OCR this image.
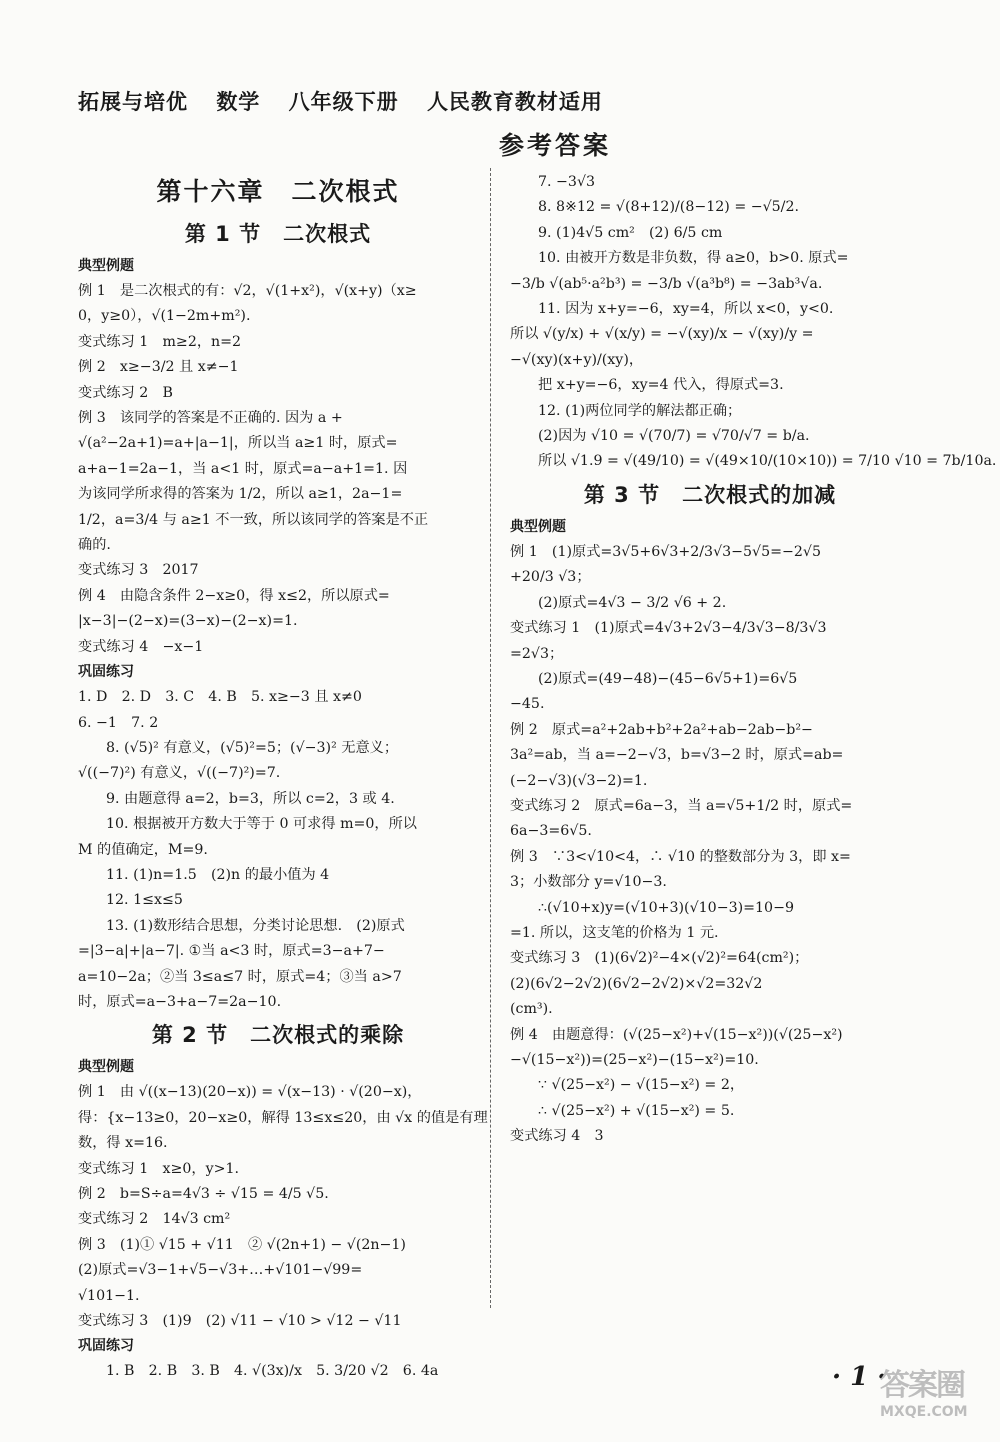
拓展与培优 数学 八年级下册 人民教育教材适用
参考答案
第十六章　二次根式
第 1 节　二次根式
典型例题
例 1　是二次根式的有：√2，√(1+x²)，√(x+y)（x≥
0，y≥0），√(1−2m+m²).
变式练习 1　m≥2，n=2
例 2　x≥−3/2 且 x≠−1
变式练习 2　B
例 3　该同学的答案是不正确的. 因为 a +
√(a²−2a+1)=a+|a−1|，所以当 a≥1 时，原式=
a+a−1=2a−1，当 a<1 时，原式=a−a+1=1. 因
为该同学所求得的答案为 1/2，所以 a≥1，2a−1=
1/2，a=3/4 与 a≥1 不一致，所以该同学的答案是不正
确的.
变式练习 3　2017
例 4　由隐含条件 2−x≥0，得 x≤2，所以原式=
|x−3|−(2−x)=(3−x)−(2−x)=1.
变式练习 4　−x−1
巩固练习
1. D　2. D　3. C　4. B　5. x≥−3 且 x≠0
6. −1　7. 2
8. (√5)² 有意义，(√5)²=5；(√−3)² 无意义；
√((−7)²) 有意义，√((−7)²)=7.
9. 由题意得 a=2，b=3，所以 c=2，3 或 4.
10. 根据被开方数大于等于 0 可求得 m=0，所以
M 的值确定，M=9.
11. (1)n=1.5　(2)n 的最小值为 4
12. 1≤x≤5
13. (1)数形结合思想，分类讨论思想.　(2)原式
=|3−a|+|a−7|. ①当 a<3 时，原式=3−a+7−
a=10−2a；②当 3≤a≤7 时，原式=4；③当 a>7
时，原式=a−3+a−7=2a−10.
第 2 节　二次根式的乘除
典型例题
例 1　由 √((x−13)(20−x)) = √(x−13) · √(20−x)，
得：{x−13≥0，20−x≥0，解得 13≤x≤20，由 √x 的值是有理
数，得 x=16.
变式练习 1　x≥0，y>1.
例 2　b=S÷a=4√3 ÷ √15 = 4/5 √5.
变式练习 2　14√3 cm²
例 3　(1)① √15 + √11　② √(2n+1) − √(2n−1)
(2)原式=√3−1+√5−√3+…+√101−√99=
√101−1.
变式练习 3　(1)9　(2) √11 − √10 > √12 − √11
巩固练习
1. B　2. B　3. B　4. √(3x)/x　5. 3/20 √2　6. 4a
7. −3√3
8. 8※12 = √(8+12)/(8−12) = −√5/2.
9. (1)4√5 cm²　(2) 6/5 cm
10. 由被开方数是非负数，得 a≥0，b>0. 原式=
−3/b √(ab⁵·a²b³) = −3/b √(a³b⁸) = −3ab³√a.
11. 因为 x+y=−6，xy=4，所以 x<0，y<0.
所以 √(y/x) + √(x/y) = −√(xy)/x − √(xy)/y =
−√(xy)(x+y)/(xy)，
把 x+y=−6，xy=4 代入，得原式=3.
12. (1)两位同学的解法都正确；
(2)因为 √10 = √(70/7) = √70/√7 = b/a.
所以 √1.9 = √(49/10) = √(49×10/(10×10)) = 7/10 √10 = 7b/10a.
第 3 节　二次根式的加减
典型例题
例 1　(1)原式=3√5+6√3+2/3√3−5√5=−2√5
+20/3 √3；
(2)原式=4√3 − 3/2 √6 + 2.
变式练习 1　(1)原式=4√3+2√3−4/3√3−8/3√3
=2√3；
(2)原式=(49−48)−(45−6√5+1)=6√5
−45.
例 2　原式=a²+2ab+b²+2a²+ab−2ab−b²−
3a²=ab，当 a=−2−√3，b=√3−2 时，原式=ab=
(−2−√3)(√3−2)=1.
变式练习 2　原式=6a−3，当 a=√5+1/2 时，原式=
6a−3=6√5.
例 3　∵3<√10<4，∴ √10 的整数部分为 3，即 x=
3；小数部分 y=√10−3.
∴(√10+x)y=(√10+3)(√10−3)=10−9
=1. 所以，这支笔的价格为 1 元.
变式练习 3　(1)(6√2)²−4×(√2)²=64(cm²)；
(2)(6√2−2√2)(6√2−2√2)×√2=32√2
(cm³).
例 4　由题意得：(√(25−x²)+√(15−x²))(√(25−x²)
−√(15−x²))=(25−x²)−(15−x²)=10.
∵ √(25−x²) − √(15−x²) = 2，
∴ √(25−x²) + √(15−x²) = 5.
变式练习 4　3
· 1 ·
答案圈
MXQE.COM
